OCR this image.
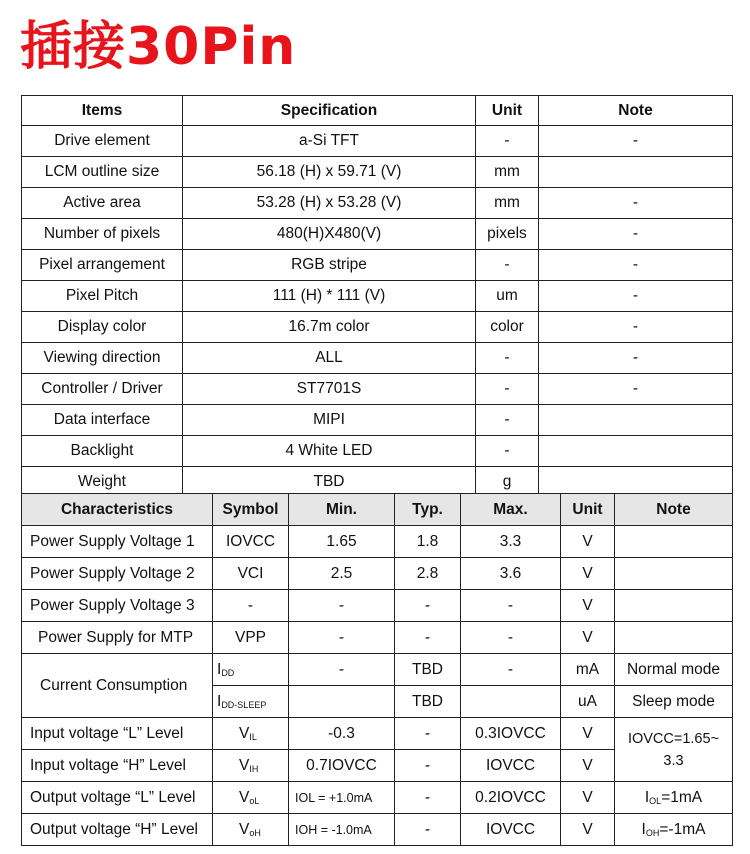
插接30Pin
Items	Specification	Unit	Note
Drive element	a-Si TFT	-	-
LCM outline size	56.18 (H) x 59.71 (V)	mm	
Active area	53.28 (H) x 53.28 (V)	mm	-
Number of pixels	480(H)X480(V)	pixels	-
Pixel arrangement	RGB stripe	-	-
Pixel Pitch	111 (H) * 111 (V)	um	-
Display color	16.7m color	color	-
Viewing direction	ALL	-	-
Controller / Driver	ST7701S	-	-
Data interface	MIPI	-	
Backlight	4 White LED	-	
Weight	TBD	g	
Characteristics	Symbol	Min.	Typ.	Max.	Unit	Note
Power Supply Voltage 1	IOVCC	1.65	1.8	3.3	V	
Power Supply Voltage 2	VCI	2.5	2.8	3.6	V	
Power Supply Voltage 3	-	-	-	-	V	
Power Supply for MTP	VPP	-	-	-	V	
Current Consumption	$I_{DD}$	-	TBD	-	mA	Normal mode
	$I_{DD-SLEEP}$		TBD		uA	Sleep mode
Input voltage “L” Level	$V_{IL}$	-0.3	-	0.3IOVCC	V	IOVCC=1.65~ 3.3
Input voltage “H” Level	$V_{IH}$	0.7IOVCC	-	IOVCC	V	
Output voltage “L” Level	$V_{oL}$	IOL = +1.0mA	-	0.2IOVCC	V	$I_{OL}=1mA$
Output voltage “H” Level	$V_{oH}$	IOH = -1.0mA	-	IOVCC	V	$I_{OH}=-1mA$
